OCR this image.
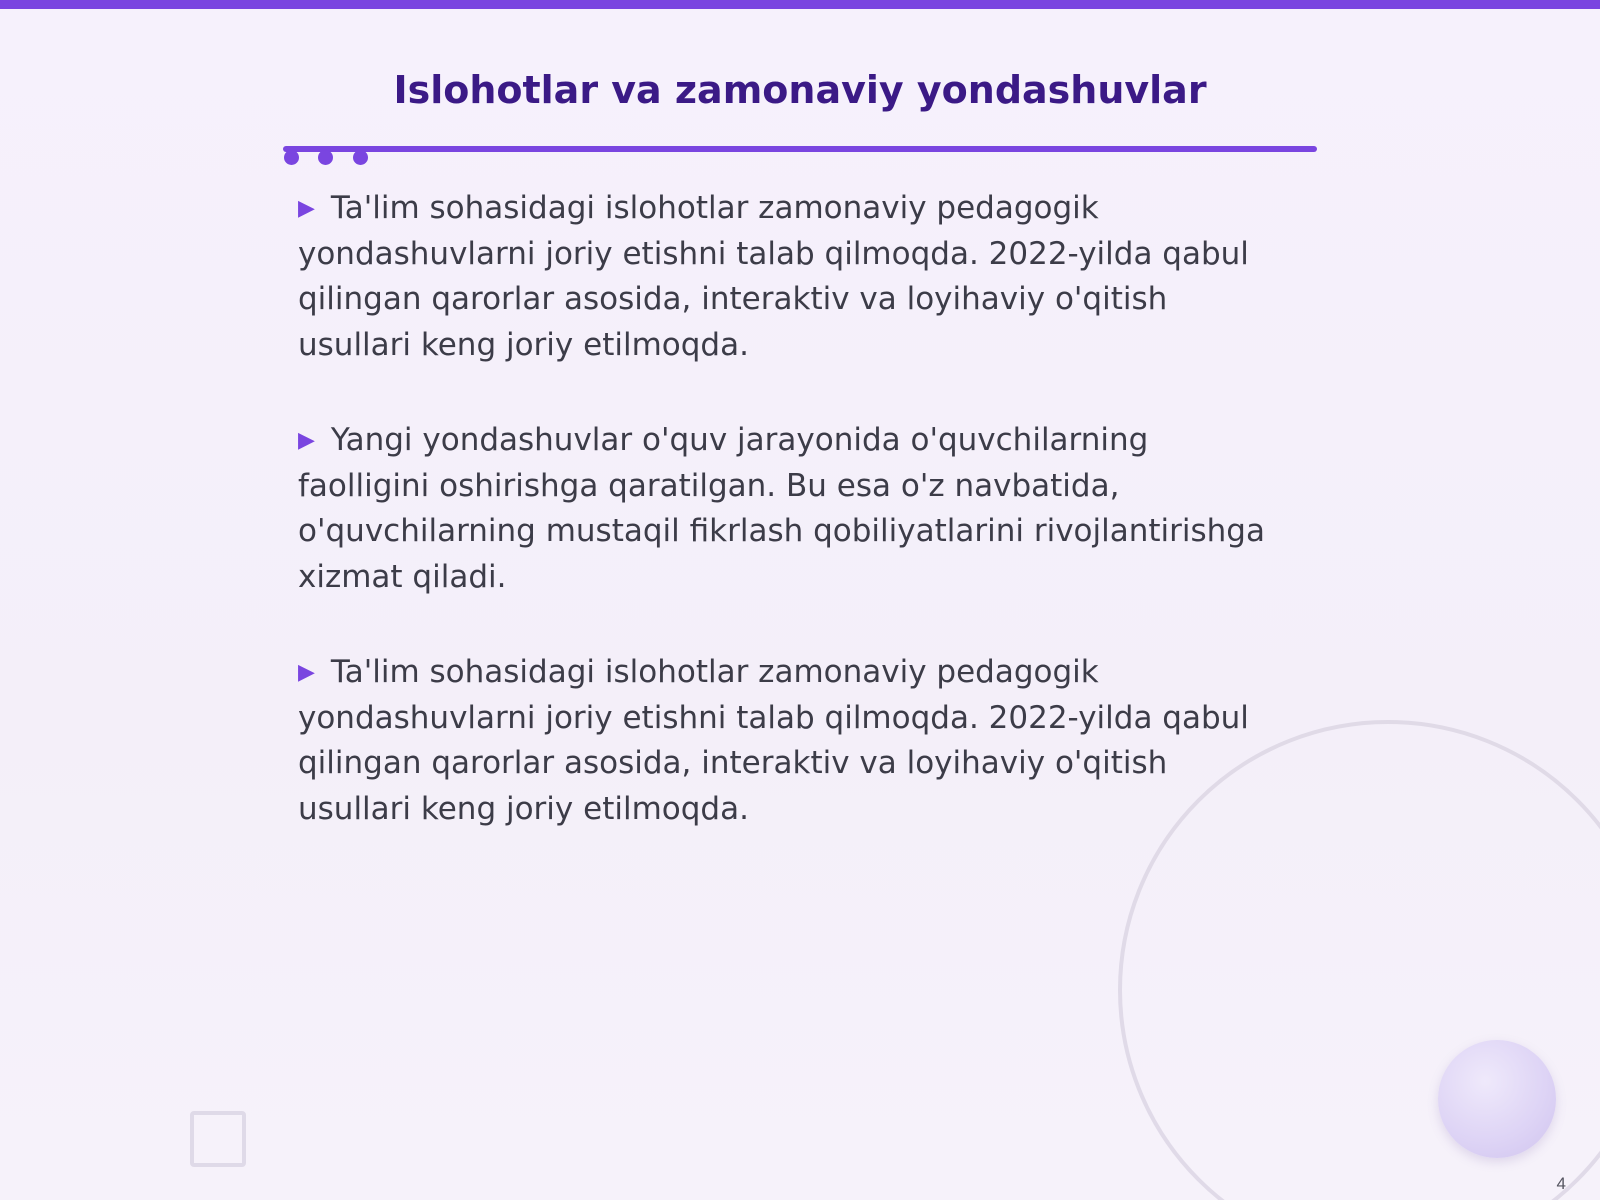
Islohotlar va zamonaviy yondashuvlar
▶ Ta'lim sohasidagi islohotlar zamonaviy pedagogik yondashuvlarni joriy etishni talab qilmoqda. 2022-yilda qabul qilingan qarorlar asosida, interaktiv va loyihaviy o'qitish usullari keng joriy etilmoqda.
▶ Yangi yondashuvlar o'quv jarayonida o'quvchilarning faolligini oshirishga qaratilgan. Bu esa o'z navbatida, o'quvchilarning mustaqil fikrlash qobiliyatlarini rivojlantirishga xizmat qiladi.
▶ Ta'lim sohasidagi islohotlar zamonaviy pedagogik yondashuvlarni joriy etishni talab qilmoqda. 2022-yilda qabul qilingan qarorlar asosida, interaktiv va loyihaviy o'qitish usullari keng joriy etilmoqda.
4
